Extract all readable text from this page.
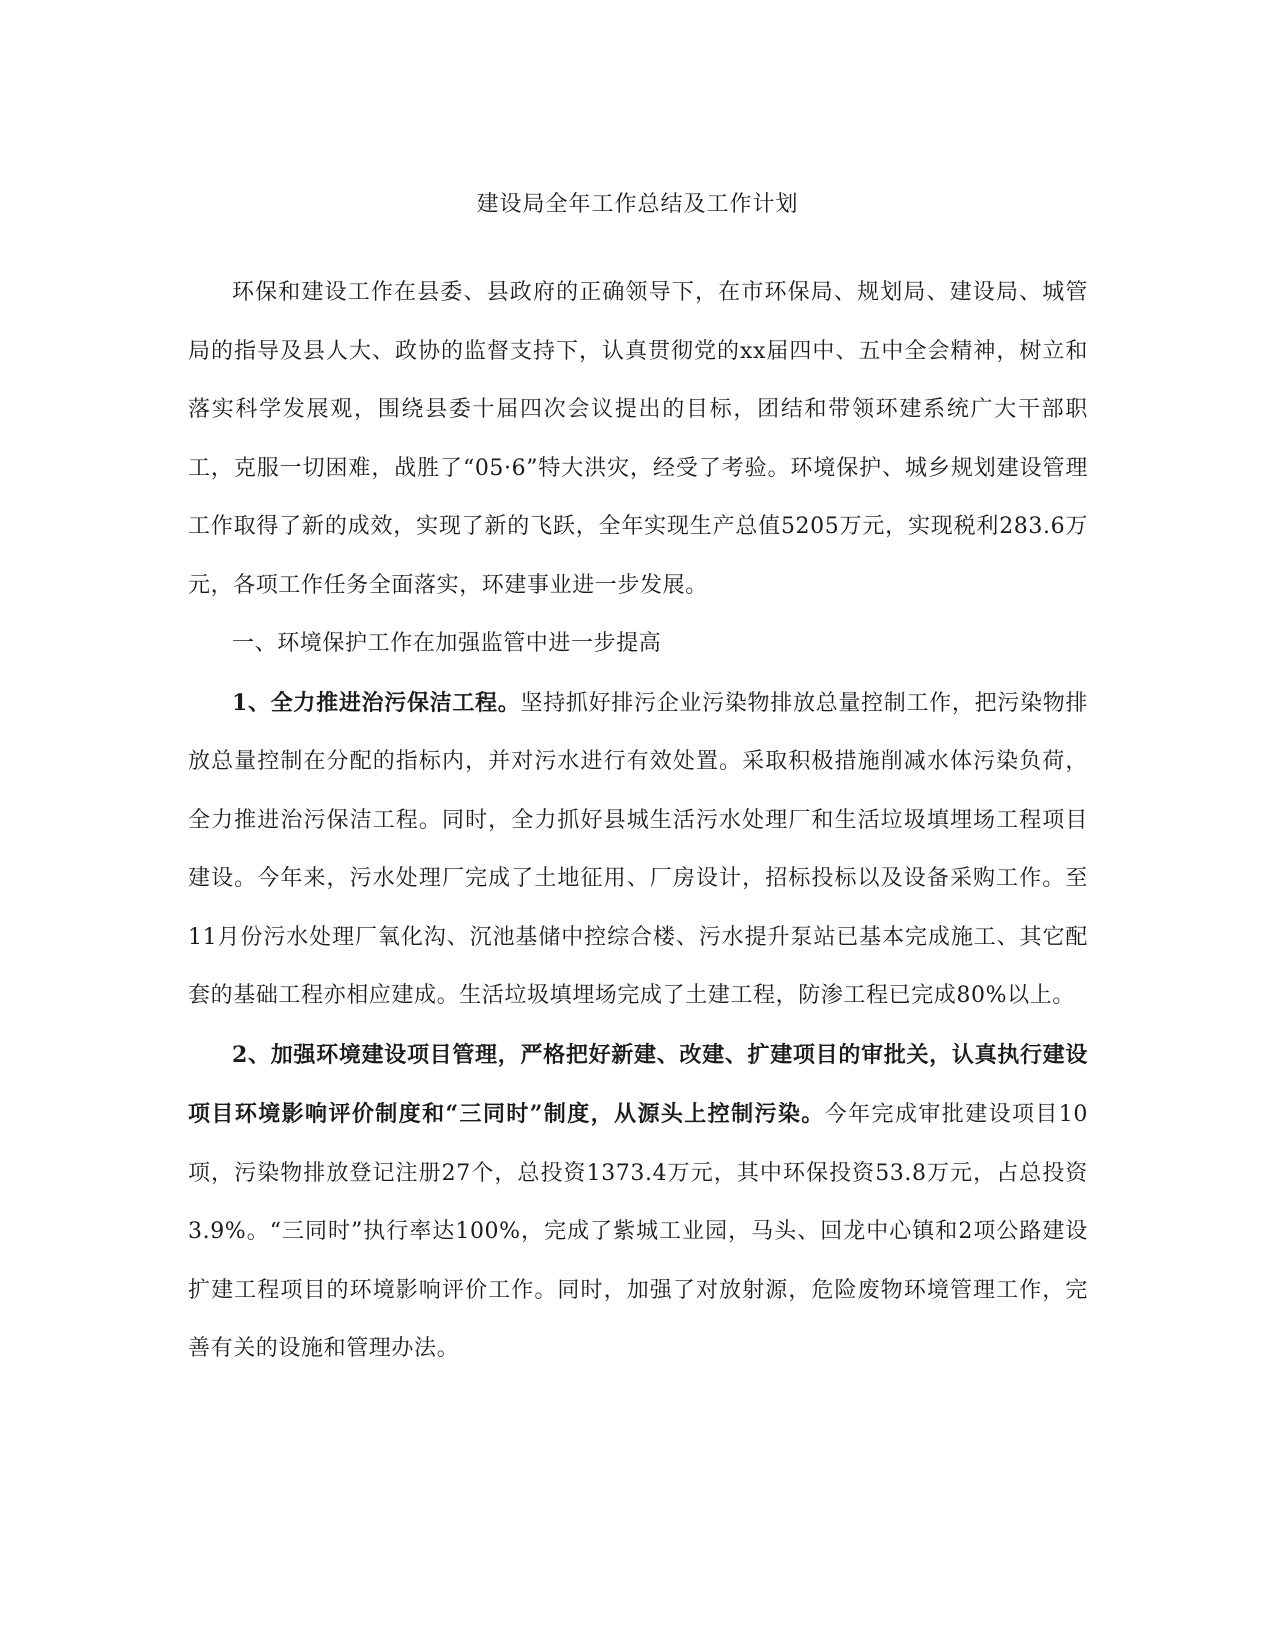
建设局全年工作总结及工作计划

环保和建设工作在县委、县政府的正确领导下，在市环保局、规划局、建设局、城管局的指导及县人大、政协的监督支持下，认真贯彻党的xx届四中、五中全会精神，树立和落实科学发展观，围绕县委十届四次会议提出的目标，团结和带领环建系统广大干部职工，克服一切困难，战胜了“05·6”特大洪灾，经受了考验。环境保护、城乡规划建设管理工作取得了新的成效，实现了新的飞跃，全年实现生产总值5205万元，实现税利283.6万元，各项工作任务全面落实，环建事业进一步发展。

一、环境保护工作在加强监管中进一步提高

1、全力推进治污保洁工程。坚持抓好排污企业污染物排放总量控制工作，把污染物排放总量控制在分配的指标内，并对污水进行有效处置。采取积极措施削减水体污染负荷，全力推进治污保洁工程。同时，全力抓好县城生活污水处理厂和生活垃圾填埋场工程项目建设。今年来，污水处理厂完成了土地征用、厂房设计，招标投标以及设备采购工作。至11月份污水处理厂氧化沟、沉池基储中控综合楼、污水提升泵站已基本完成施工、其它配套的基础工程亦相应建成。生活垃圾填埋场完成了土建工程，防渗工程已完成80%以上。

2、加强环境建设项目管理，严格把好新建、改建、扩建项目的审批关，认真执行建设项目环境影响评价制度和“三同时”制度，从源头上控制污染。今年完成审批建设项目10项，污染物排放登记注册27个，总投资1373.4万元，其中环保投资53.8万元，占总投资3.9%。“三同时”执行率达100%，完成了紫城工业园，马头、回龙中心镇和2项公路建设扩建工程项目的环境影响评价工作。同时，加强了对放射源，危险废物环境管理工作，完善有关的设施和管理办法。
